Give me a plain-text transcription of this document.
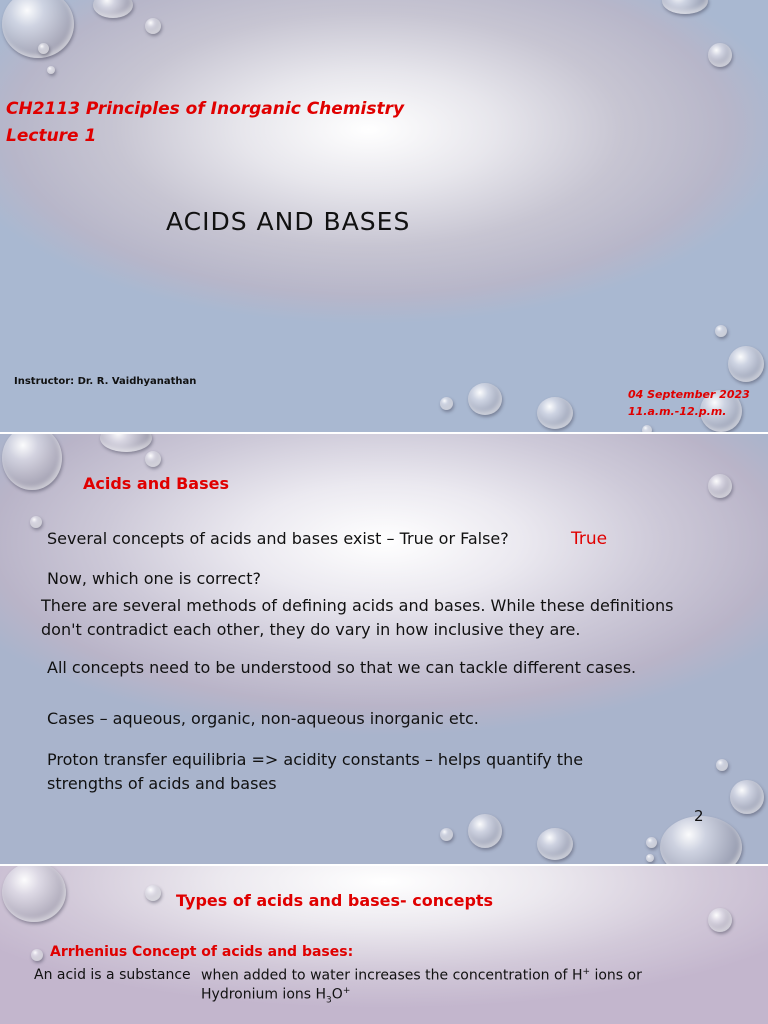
CH2113 Principles of Inorganic Chemistry

Lecture 1

ACIDS AND BASES

Instructor: Dr. R. Vaidhyanathan

04 September 2023

11.a.m.-12.p.m.

Acids and Bases

Several concepts of acids and bases exist – True or False?	True

Now, which one is correct?

There are several methods of defining acids and bases. While these definitions

don't contradict each other, they do vary in how inclusive they are.

All concepts need to be understood so that we can tackle different cases.

Cases – aqueous, organic, non-aqueous inorganic etc.

Proton transfer equilibria => acidity constants – helps quantify the

strengths of acids and bases

2

Types of acids and bases- concepts

Arrhenius Concept of acids and bases:

An acid is a substance when added to water increases the concentration of H+ ions or

Hydronium ions $H_3O^+$
